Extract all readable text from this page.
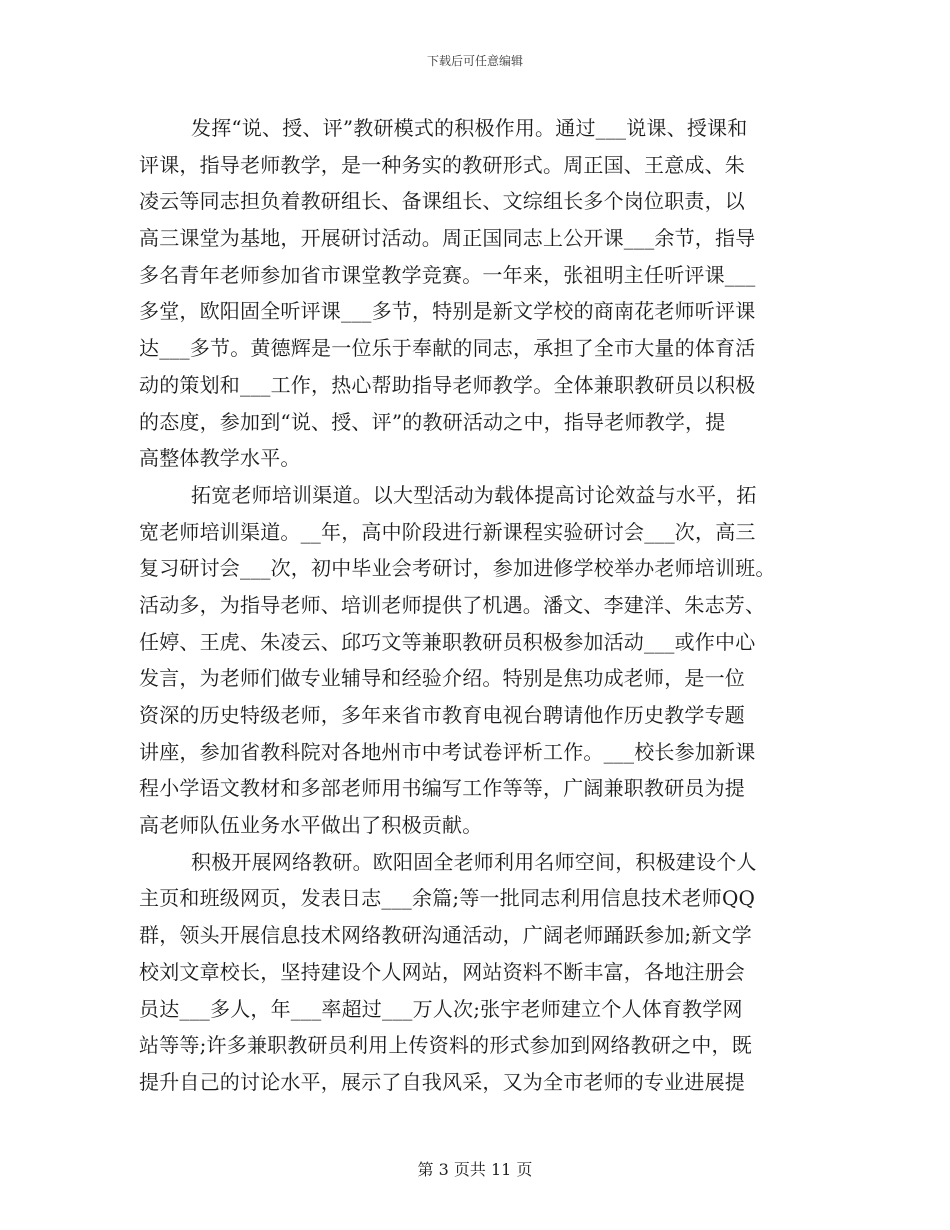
下载后可任意编辑
发挥“说、授、评”教研模式的积极作用。通过___说课、授课和
评课，指导老师教学，是一种务实的教研形式。周正国、王意成、朱
凌云等同志担负着教研组长、备课组长、文综组长多个岗位职责，以
高三课堂为基地，开展研讨活动。周正国同志上公开课___余节，指导
多名青年老师参加省市课堂教学竞赛。一年来，张祖明主任听评课___
多堂，欧阳固全听评课___多节，特别是新文学校的商南花老师听评课
达___多节。黄德辉是一位乐于奉献的同志，承担了全市大量的体育活
动的策划和___工作，热心帮助指导老师教学。全体兼职教研员以积极
的态度，参加到“说、授、评”的教研活动之中，指导老师教学，提
高整体教学水平。
拓宽老师培训渠道。以大型活动为载体提高讨论效益与水平，拓
宽老师培训渠道。__年，高中阶段进行新课程实验研讨会___次，高三
复习研讨会___次，初中毕业会考研讨，参加进修学校举办老师培训班。
活动多，为指导老师、培训老师提供了机遇。潘文、李建洋、朱志芳、
任婷、王虎、朱凌云、邱巧文等兼职教研员积极参加活动___或作中心
发言，为老师们做专业辅导和经验介绍。特别是焦功成老师，是一位
资深的历史特级老师，多年来省市教育电视台聘请他作历史教学专题
讲座，参加省教科院对各地州市中考试卷评析工作。___校长参加新课
程小学语文教材和多部老师用书编写工作等等，广阔兼职教研员为提
高老师队伍业务水平做出了积极贡献。
积极开展网络教研。欧阳固全老师利用名师空间，积极建设个人
主页和班级网页，发表日志___余篇;等一批同志利用信息技术老师QQ
群，领头开展信息技术网络教研沟通活动，广阔老师踊跃参加;新文学
校刘文章校长，坚持建设个人网站，网站资料不断丰富，各地注册会
员达___多人，年___率超过___万人次;张宇老师建立个人体育教学网
站等等;许多兼职教研员利用上传资料的形式参加到网络教研之中，既
提升自己的讨论水平，展示了自我风采，又为全市老师的专业进展提
第 3 页共 11 页
